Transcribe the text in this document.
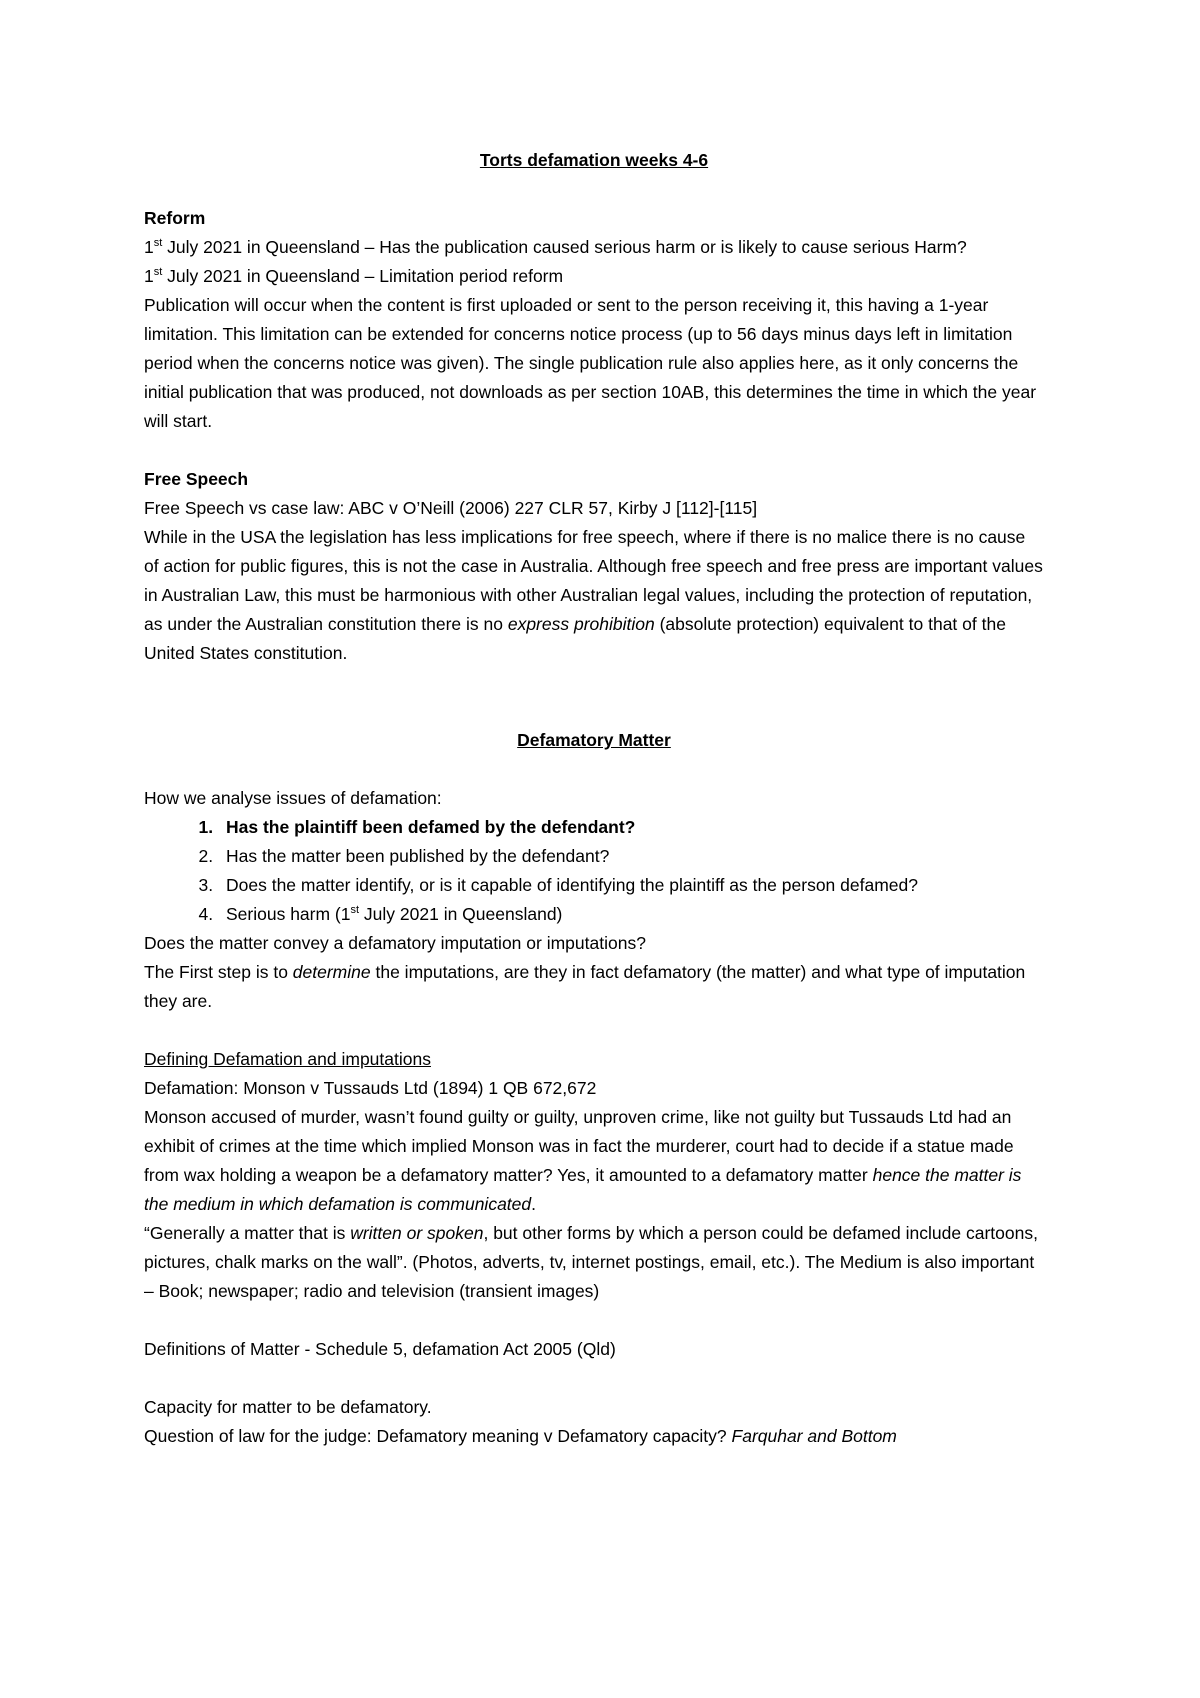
Torts defamation weeks 4-6

Reform

1st July 2021 in Queensland – Has the publication caused serious harm or is likely to cause serious Harm?

1st July 2021 in Queensland – Limitation period reform

Publication will occur when the content is first uploaded or sent to the person receiving it, this having a 1-year limitation. This limitation can be extended for concerns notice process (up to 56 days minus days left in limitation period when the concerns notice was given). The single publication rule also applies here, as it only concerns the initial publication that was produced, not downloads as per section 10AB, this determines the time in which the year will start.

Free Speech

Free Speech vs case law: ABC v O’Neill (2006) 227 CLR 57, Kirby J [112]-[115]

While in the USA the legislation has less implications for free speech, where if there is no malice there is no cause of action for public figures, this is not the case in Australia. Although free speech and free press are important values in Australian Law, this must be harmonious with other Australian legal values, including the protection of reputation, as under the Australian constitution there is no express prohibition (absolute protection) equivalent to that of the United States constitution.

Defamatory Matter

How we analyse issues of defamation:

1. Has the plaintiff been defamed by the defendant?
2. Has the matter been published by the defendant?
3. Does the matter identify, or is it capable of identifying the plaintiff as the person defamed?
4. Serious harm (1st July 2021 in Queensland)

Does the matter convey a defamatory imputation or imputations?

The First step is to determine the imputations, are they in fact defamatory (the matter) and what type of imputation they are.

Defining Defamation and imputations

Defamation: Monson v Tussauds Ltd (1894) 1 QB 672,672

Monson accused of murder, wasn’t found guilty or guilty, unproven crime, like not guilty but Tussauds Ltd had an exhibit of crimes at the time which implied Monson was in fact the murderer, court had to decide if a statue made from wax holding a weapon be a defamatory matter? Yes, it amounted to a defamatory matter hence the matter is the medium in which defamation is communicated.

“Generally a matter that is written or spoken, but other forms by which a person could be defamed include cartoons, pictures, chalk marks on the wall”. (Photos, adverts, tv, internet postings, email, etc.). The Medium is also important – Book; newspaper; radio and television (transient images)

Definitions of Matter - Schedule 5, defamation Act 2005 (Qld)

Capacity for matter to be defamatory.

Question of law for the judge: Defamatory meaning v Defamatory capacity? Farquhar and Bottom
